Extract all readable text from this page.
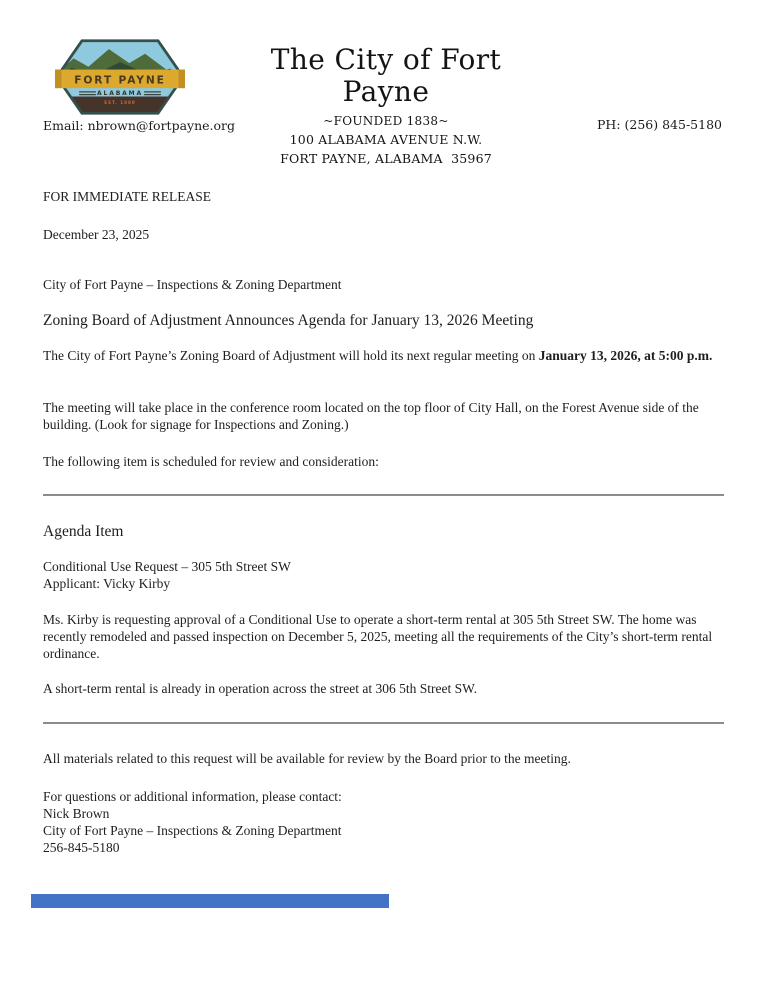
FORT PAYNE
ALABAMA
EST. 1889
Email: nbrown@fortpayne.org
The City of Fort Payne
~FOUNDED 1838~
100 ALABAMA AVENUE N.W.
FORT PAYNE, ALABAMA  35967
PH: (256) 845-5180
FOR IMMEDIATE RELEASE
December 23, 2025
City of Fort Payne – Inspections & Zoning Department
Zoning Board of Adjustment Announces Agenda for January 13, 2026 Meeting
The City of Fort Payne’s Zoning Board of Adjustment will hold its next regular meeting on January 13, 2026, at 5:00 p.m.
The meeting will take place in the conference room located on the top floor of City Hall, on the Forest Avenue side of the building. (Look for signage for Inspections and Zoning.)
The following item is scheduled for review and consideration:
Agenda Item
Conditional Use Request – 305 5th Street SW
Applicant: Vicky Kirby
Ms. Kirby is requesting approval of a Conditional Use to operate a short-term rental at 305 5th Street SW. The home was recently remodeled and passed inspection on December 5, 2025, meeting all the requirements of the City’s short-term rental ordinance.
A short-term rental is already in operation across the street at 306 5th Street SW.
All materials related to this request will be available for review by the Board prior to the meeting.
For questions or additional information, please contact:
Nick Brown
City of Fort Payne – Inspections & Zoning Department
256-845-5180
